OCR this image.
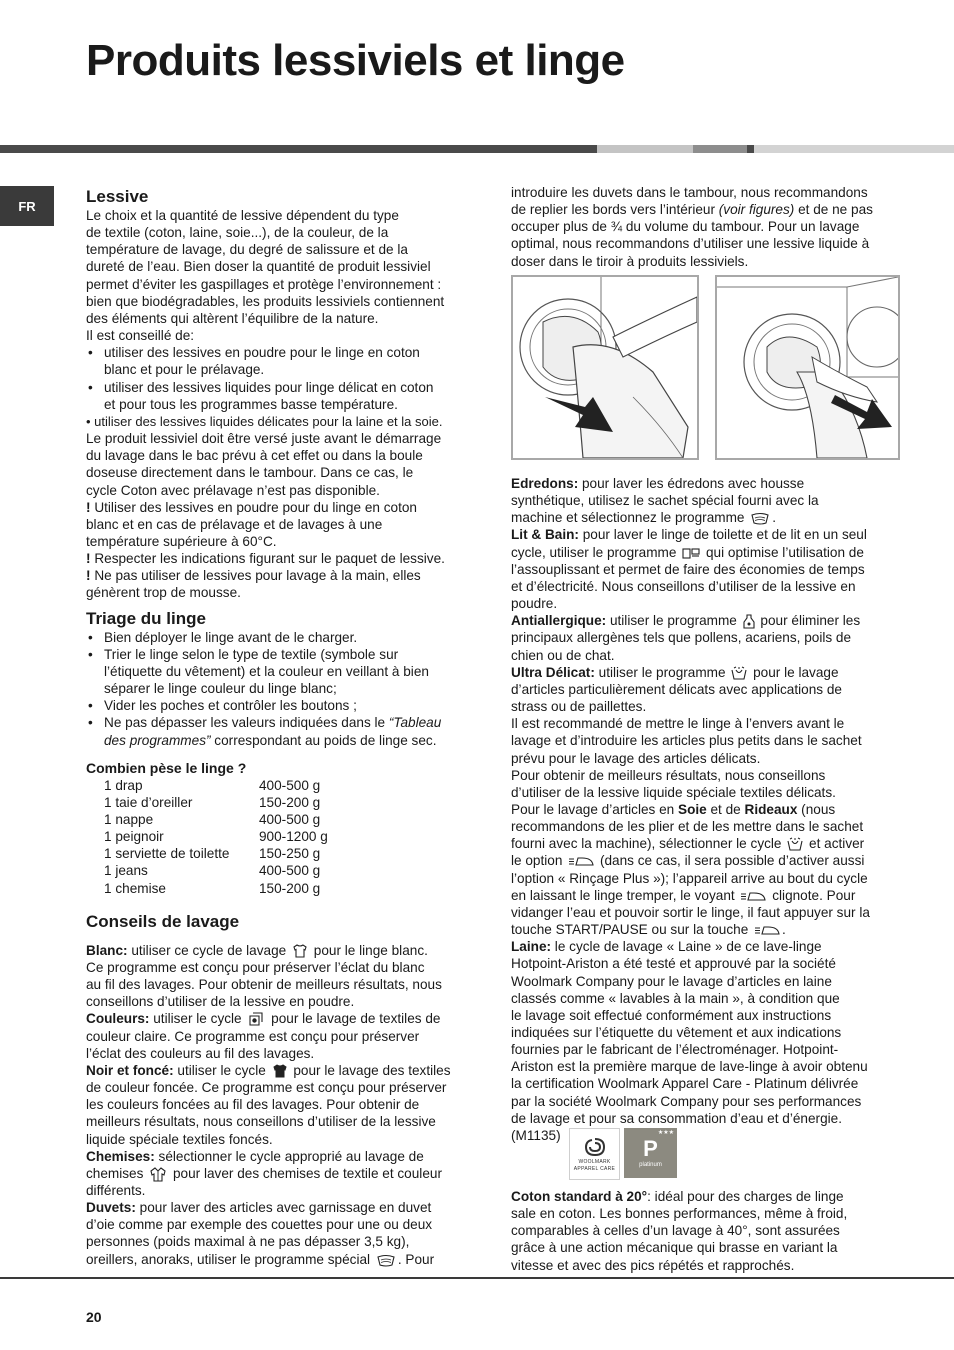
Produits lessiviels et linge
FR	Lessive

Le choix et la quantité de lessive dépendent du type

de textile (coton, laine, soie...), de la couleur, de la

température de lavage, du degré de salissure et de la

dureté de l’eau. Bien doser la quantité de produit lessiviel

permet d’éviter les gaspillages et protège l’environnement :

bien que biodégradables, les produits lessiviels contiennent

des éléments qui altèrent l’équilibre de la nature.

Il est conseillé de:

• utiliser des lessives en poudre pour le linge en coton

blanc et pour le prélavage.

• utiliser des lessives liquides pour linge délicat en coton

et pour tous les programmes basse température.

• utiliser des lessives liquides délicates pour la laine et la soie.

Le produit lessiviel doit être versé juste avant le démarrage

du lavage dans le bac prévu à cet effet ou dans la boule

doseuse directement dans le tambour. Dans ce cas, le

cycle Coton avec prélavage n’est pas disponible.

! Utiliser des lessives en poudre pour du linge en coton

blanc et en cas de prélavage et de lavages à une

température supérieure à 60°C.

! Respecter les indications figurant sur le paquet de lessive.

! Ne pas utiliser de lessives pour lavage à la main, elles

génèrent trop de mousse.

Triage du linge
• Bien déployer le linge avant de le charger.

• Trier le linge selon le type de textile (symbole sur

l’étiquette du vêtement) et la couleur en veillant à bien

séparer le linge couleur du linge blanc;

• Vider les poches et contrôler les boutons ;

• Ne pas dépasser les valeurs indiquées dans le “Tableau

des programmes” correspondant au poids de linge sec.

Combien pèse le linge ?
1 drap	400-500 g
1 taie d’oreiller	150-200 g
1 nappe	400-500 g
1 peignoir	900-1200 g
1 serviette de toilette	150-250 g
1 jeans	400-500 g
1 chemise	150-200 g
Conseils de lavage

Blanc: utiliser ce cycle de lavage  pour le linge blanc.

Ce programme est conçu pour préserver l’éclat du blanc

au fil des lavages. Pour obtenir de meilleurs résultats, nous

conseillons d’utiliser de la lessive en poudre.

Couleurs: utiliser le cycle  pour le lavage de textiles de

couleur claire. Ce programme est conçu pour préserver

l’éclat des couleurs au fil des lavages.

Noir et foncé: utiliser le cycle  pour le lavage des textiles

de couleur foncée. Ce programme est conçu pour préserver

les couleurs foncées au fil des lavages. Pour obtenir de

meilleurs résultats, nous conseillons d’utiliser de la lessive

liquide spéciale textiles foncés.

Chemises: sélectionner le cycle approprié au lavage de

chemises  pour laver des chemises de textile et couleur

différents.

Duvets: pour laver des articles avec garnissage en duvet

d’oie comme par exemple des couettes pour une ou deux

personnes (poids maximal à ne pas dépasser 3,5 kg),

oreillers, anoraks, utiliser le programme spécial . Pour

introduire les duvets dans le tambour, nous recommandons

de replier les bords vers l’intérieur (voir figures) et de ne pas

occuper plus de ¾ du volume du tambour. Pour un lavage

optimal, nous recommandons d’utiliser une lessive liquide à

doser dans le tiroir à produits lessiviels.

Edredons: pour laver les édredons avec housse

synthétique, utilisez le sachet spécial fourni avec la

machine et sélectionnez le programme .

Lit & Bain: pour laver le linge de toilette et de lit en un seul

cycle, utiliser le programme  qui optimise l’utilisation de

l’assouplissant et permet de faire des économies de temps

et d’électricité. Nous conseillons d’utiliser de la lessive en

poudre.

Antiallergique: utiliser le programme  pour éliminer les

principaux allergènes tels que pollens, acariens, poils de

chien ou de chat.

Ultra Délicat: utiliser le programme  pour le lavage

d’articles particulièrement délicats avec applications de

strass ou de paillettes.

Il est recommandé de mettre le linge à l’envers avant le

lavage et d’introduire les articles plus petits dans le sachet

prévu pour le lavage des articles délicats.

Pour obtenir de meilleurs résultats, nous conseillons

d’utiliser de la lessive liquide spéciale textiles délicats.

Pour le lavage d’articles en Soie et de Rideaux (nous

recommandons de les plier et de les mettre dans le sachet

fourni avec la machine), sélectionner le cycle  et activer

le option  (dans ce cas, il sera possible d’activer aussi

l’option « Rinçage Plus »); l’appareil arrive au bout du cycle

en laissant le linge tremper, le voyant  clignote. Pour

vidanger l’eau et pouvoir sortir le linge, il faut appuyer sur la

touche START/PAUSE ou sur la touche .

Laine: le cycle de lavage « Laine » de ce lave-linge

Hotpoint-Ariston a été testé et approuvé par la société

Woolmark Company pour le lavage d’articles en laine

classés comme « lavables à la main », à condition que

le lavage soit effectué conformément aux instructions

indiquées sur l’étiquette du vêtement et aux indications

fournies par le fabricant de l’électroménager. Hotpoint-

Ariston est la première marque de lave-linge à avoir obtenu

la certification Woolmark Apparel Care - Platinum délivrée

par la société Woolmark Company pour ses performances

de lavage et pour sa consommation d’eau et d’énergie.

(M1135)

WOOLMARK
APPAREL CARE
★★★
P
platinum

Coton standard à 20°: idéal pour des charges de linge

sale en coton. Les bonnes performances, même à froid,

comparables à celles d’un lavage à 40°, sont assurées

grâce à une action mécanique qui brasse en variant la

vitesse et avec des pics répétés et rapprochés.

20
